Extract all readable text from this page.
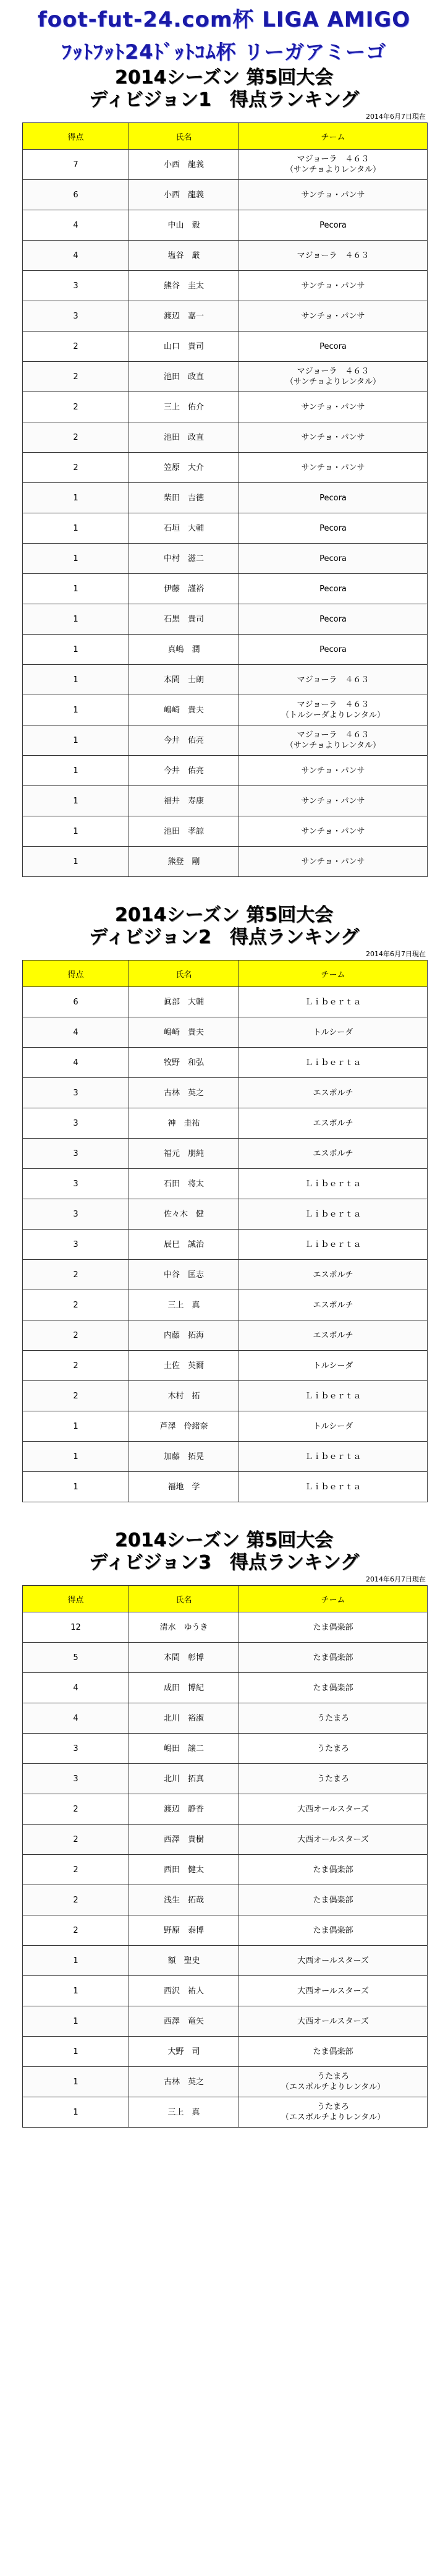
foot-fut-24.com杯 LIGA AMIGO
ﾌｯﾄﾌｯﾄ24ﾄﾞｯﾄｺﾑ杯 リーガアミーゴ
2014シーズン 第5回大会
ディビジョン1　得点ランキング
2014年6月7日現在
得点	氏名	チーム
7	小西　龍義	マジョーラ　４６３
（サンチョよりレンタル）
6	小西　龍義	サンチョ・パンサ
4	中山　毅	Pecora
4	塩谷　厳	マジョーラ　４６３
3	熊谷　圭太	サンチョ・パンサ
3	渡辺　嘉一	サンチョ・パンサ
2	山口　貴司	Pecora
2	池田　政直	マジョーラ　４６３
（サンチョよりレンタル）
2	三上　佑介	サンチョ・パンサ
2	池田　政直	サンチョ・パンサ
2	笠原　大介	サンチョ・パンサ
1	柴田　吉徳	Pecora
1	石垣　大輔	Pecora
1	中村　滋二	Pecora
1	伊藤　謹裕	Pecora
1	石黒　貴司	Pecora
1	真嶋　潤	Pecora
1	本間　士朗	マジョーラ　４６３
1	嶋崎　貴夫	マジョーラ　４６３
（トルシーダよりレンタル）
1	今井　佑亮	マジョーラ　４６３
（サンチョよりレンタル）
1	今井　佑亮	サンチョ・パンサ
1	福井　寿康	サンチョ・パンサ
1	池田　孝諒	サンチョ・パンサ
1	熊登　剛	サンチョ・パンサ
2014シーズン 第5回大会
ディビジョン2　得点ランキング
2014年6月7日現在
得点	氏名	チーム
6	眞部　大輔	Ｌｉｂｅｒｔａ
4	嶋崎　貴夫	トルシーダ
4	牧野　和弘	Ｌｉｂｅｒｔａ
3	古林　英之	エスポルチ
3	神　圭祐	エスポルチ
3	福元　朋純	エスポルチ
3	石田　将太	Ｌｉｂｅｒｔａ
3	佐々木　健	Ｌｉｂｅｒｔａ
3	辰巳　誠治	Ｌｉｂｅｒｔａ
2	中谷　匡志	エスポルチ
2	三上　真	エスポルチ
2	内藤　拓海	エスポルチ
2	土佐　英爾	トルシーダ
2	木村　拓	Ｌｉｂｅｒｔａ
1	芦澤　伶緒奈	トルシーダ
1	加藤　拓晃	Ｌｉｂｅｒｔａ
1	福地　学	Ｌｉｂｅｒｔａ
2014シーズン 第5回大会
ディビジョン3　得点ランキング
2014年6月7日現在
得点	氏名	チーム
12	清水　ゆうき	たま偶楽部
5	本間　彰博	たま偶楽部
4	成田　博紀	たま偶楽部
4	北川　裕淑	うたまろ
3	嶋田　譲二	うたまろ
3	北川　拓真	うたまろ
2	渡辺　静香	大西オールスターズ
2	西澤　貴樹	大西オールスターズ
2	西田　健太	たま偶楽部
2	浅生　拓哉	たま偶楽部
2	野原　泰博	たま偶楽部
1	額　聖史	大西オールスターズ
1	西沢　祐人	大西オールスターズ
1	西澤　竜矢	大西オールスターズ
1	大野　司	たま偶楽部
1	古林　英之	うたまろ
（エスポルチよりレンタル）
1	三上　真	うたまろ
（エスポルチよりレンタル）
